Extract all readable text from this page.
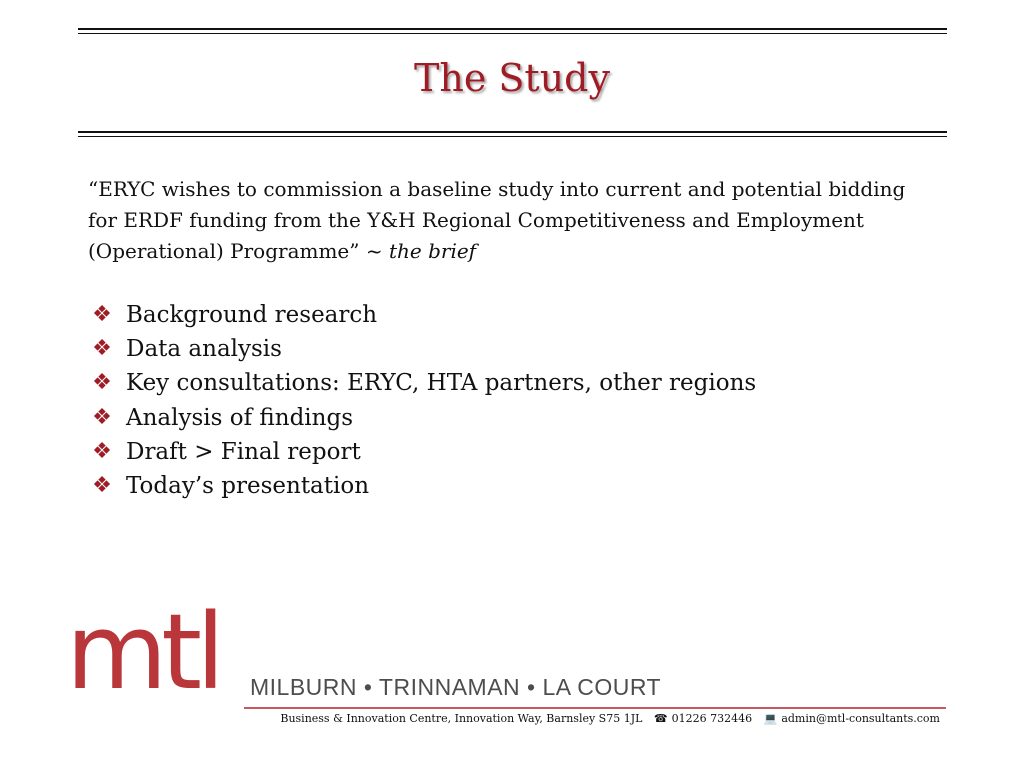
The Study
“ERYC wishes to commission a baseline study into current and potential bidding for ERDF funding from the Y&H Regional Competitiveness and Employment (Operational) Programme” ~ the brief
❖ Background research
❖ Data analysis
❖ Key consultations: ERYC, HTA partners, other regions
❖ Analysis of findings
❖ Draft > Final report
❖ Today’s presentation
mtl MILBURN • TRINNAMAN • LA COURT
Business & Innovation Centre, Innovation Way, Barnsley S75 1JL ☎ 01226 732446 💻 admin@mtl-consultants.com
